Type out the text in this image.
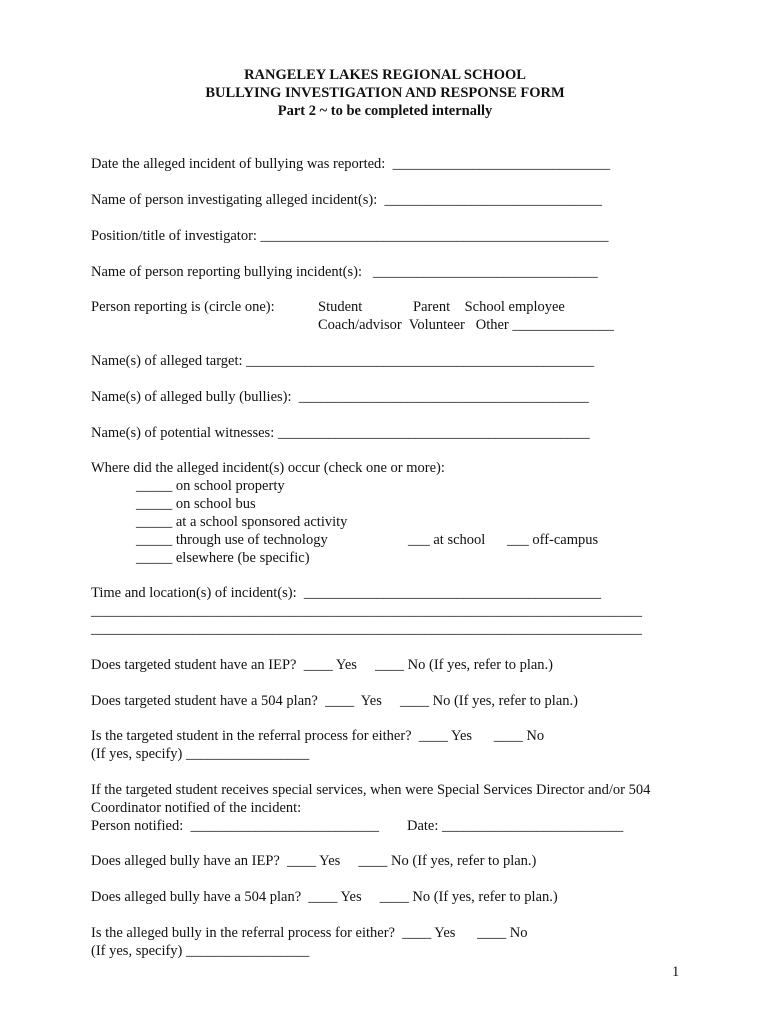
RANGELEY LAKES REGIONAL SCHOOL
BULLYING INVESTIGATION AND RESPONSE FORM
Part 2 ~ to be completed internally
Date the alleged incident of bullying was reported:  ______________________________
Name of person investigating alleged incident(s):  ______________________________
Position/title of investigator: ________________________________________________
Name of person reporting bullying incident(s):   _______________________________
Person reporting is (circle one):	Student              Parent    School employee
Coach/advisor  Volunteer   Other ______________
Name(s) of alleged target: ________________________________________________
Name(s) of alleged bully (bullies):  ________________________________________
Name(s) of potential witnesses: ___________________________________________
Where did the alleged incident(s) occur (check one or more):
_____ on school property
_____ on school bus
_____ at a school sponsored activity
_____ through use of technology	___ at school ___ off-campus
_____ elsewhere (be specific)
Time and location(s) of incident(s):  _________________________________________
____________________________________________________________________________
____________________________________________________________________________
Does targeted student have an IEP?  ____ Yes     ____ No (If yes, refer to plan.)
Does targeted student have a 504 plan?  ____  Yes     ____ No (If yes, refer to plan.)
Is the targeted student in the referral process for either?  ____ Yes      ____ No
(If yes, specify) _________________
If the targeted student receives special services, when were Special Services Director and/or 504
Coordinator notified of the incident:
Person notified:  __________________________ Date: _________________________
Does alleged bully have an IEP?  ____ Yes     ____ No (If yes, refer to plan.)
Does alleged bully have a 504 plan?  ____ Yes     ____ No (If yes, refer to plan.)
Is the alleged bully in the referral process for either?  ____ Yes      ____ No
(If yes, specify) _________________
1
